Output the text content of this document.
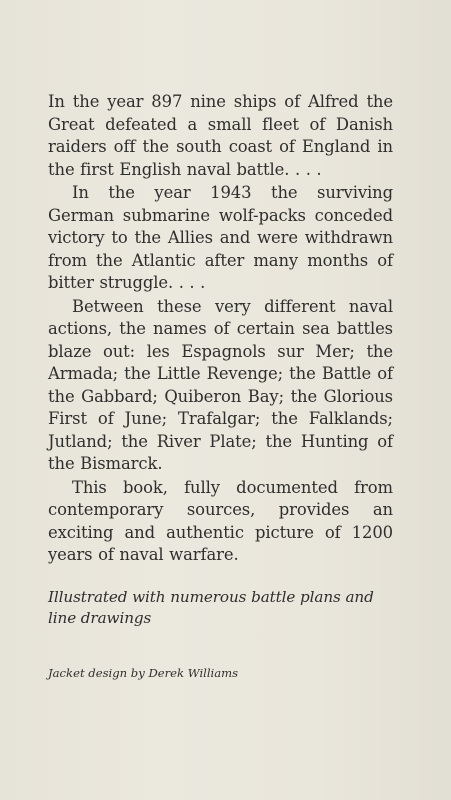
In the year 897 nine ships of Alfred the Great defeated a small fleet of Danish raiders off the south coast of England in the first English naval battle. . . .

In the year 1943 the surviving German submarine wolf-packs conceded victory to the Allies and were withdrawn from the Atlantic after many months of bitter struggle. . . .

Between these very different naval actions, the names of certain sea battles blaze out: les Espagnols sur Mer; the Armada; the Little Revenge; the Battle of the Gabbard; Quiberon Bay; the Glorious First of June; Trafalgar; the Falklands; Jutland; the River Plate; the Hunting of the Bismarck.

This book, fully documented from contemporary sources, provides an exciting and authentic picture of 1200 years of naval warfare.

Illustrated with numerous battle plans and line drawings

Jacket design by Derek Williams
